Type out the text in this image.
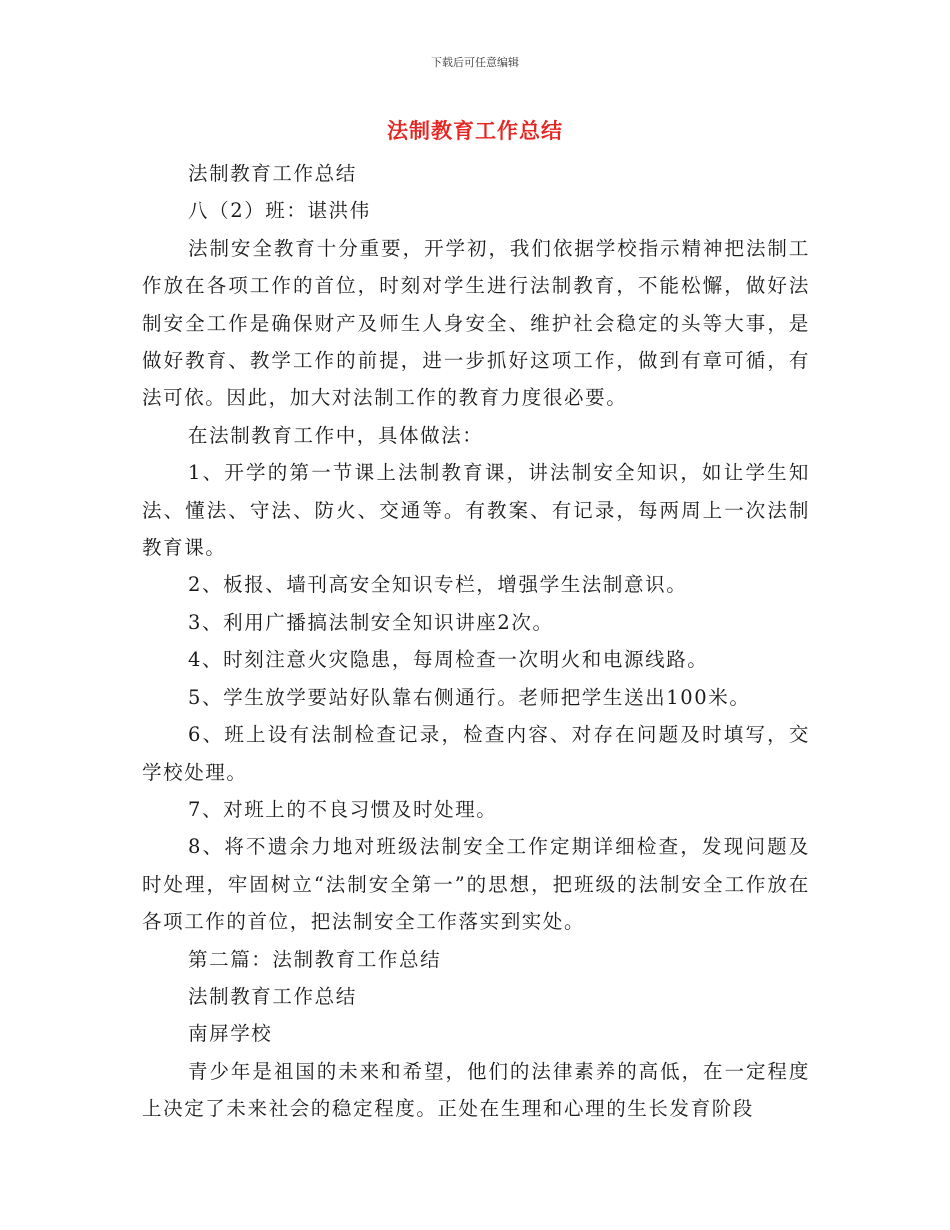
下载后可任意编辑
法制教育工作总结

法制教育工作总结

八（2）班：谌洪伟

法制安全教育十分重要，开学初，我们依据学校指示精神把法制工作放在各项工作的首位，时刻对学生进行法制教育，不能松懈，做好法制安全工作是确保财产及师生人身安全、维护社会稳定的头等大事，是做好教育、教学工作的前提，进一步抓好这项工作，做到有章可循，有法可依。因此，加大对法制工作的教育力度很必要。

在法制教育工作中，具体做法：

1、开学的第一节课上法制教育课，讲法制安全知识，如让学生知法、懂法、守法、防火、交通等。有教案、有记录，每两周上一次法制教育课。

2、板报、墙刊高安全知识专栏，增强学生法制意识。

3、利用广播搞法制安全知识讲座2次。

4、时刻注意火灾隐患，每周检查一次明火和电源线路。

5、学生放学要站好队靠右侧通行。老师把学生送出100米。

6、班上设有法制检查记录，检查内容、对存在问题及时填写，交学校处理。

7、对班上的不良习惯及时处理。

8、将不遗余力地对班级法制安全工作定期详细检查，发现问题及时处理，牢固树立“法制安全第一”的思想，把班级的法制安全工作放在各项工作的首位，把法制安全工作落实到实处。

第二篇：法制教育工作总结

法制教育工作总结

南屏学校

青少年是祖国的未来和希望，他们的法律素养的高低，在一定程度上决定了未来社会的稳定程度。正处在生理和心理的生长发育阶段
